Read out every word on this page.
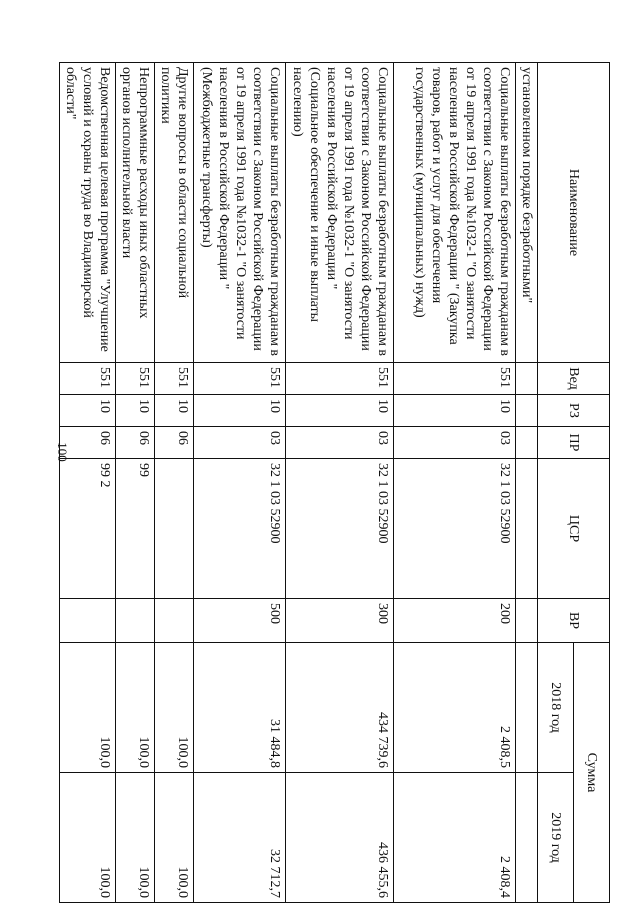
100
Наименование	Вед	РЗ	ПР	ЦСР	ВР	Сумма	
						2018 год	2019 год
установленном порядке безработными"							
Социальные выплаты безработным гражданам в соответствии с Законом Российской Федерации от 19 апреля 1991 года №1032-1 "О занятости населения в Российской Федерации " (Закупка товаров, работ и услуг для обеспечения государственных (муниципальных) нужд)	551	10	03	32 1 03 52900	200	2 408,5	2 408,4
Социальные выплаты безработным гражданам в соответствии с Законом Российской Федерации от 19 апреля 1991 года №1032-1 "О занятости населения в Российской Федерации " (Социальное обеспечение и иные выплаты населению)	551	10	03	32 1 03 52900	300	434 739,6	436 455,6
Социальные выплаты безработным гражданам в соответствии с Законом Российской Федерации от 19 апреля 1991 года №1032-1 "О занятости населения в Российской Федерации " (Межбюджетные трансферты)	551	10	03	32 1 03 52900	500	31 484,8	32 712,7
Другие вопросы в области социальной политики	551	10	06			100,0	100,0
Непрограммные расходы иных областных органов исполнительной власти	551	10	06	99		100,0	100,0
Ведомственная целевая программа "Улучшение условий и охраны труда во Владимирской области"	551	10	06	99 2		100,0	100,0
